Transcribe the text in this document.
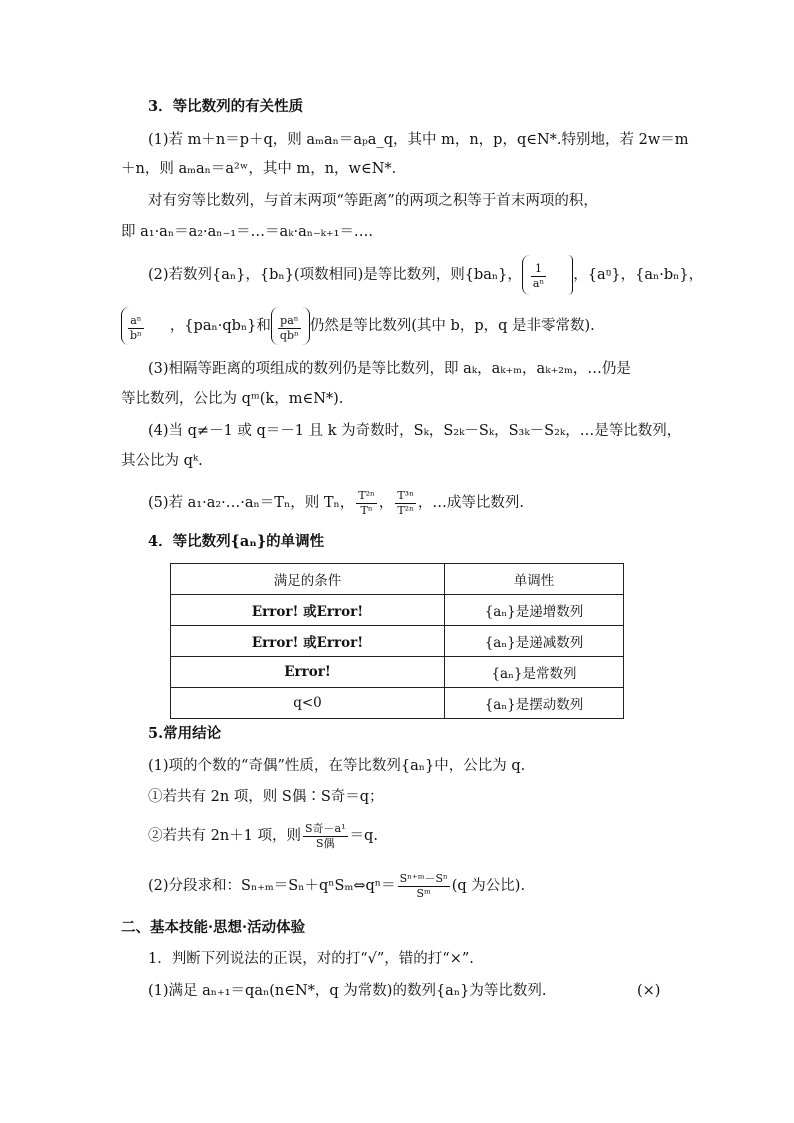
3．等比数列的有关性质
(1)若 m＋n＝p＋q，则 aₘaₙ＝aₚa_q，其中 m，n，p，q∈N*.特别地，若 2w＝m
＋n，则 aₘaₙ＝a²ʷ，其中 m，n，w∈N*.
对有穷等比数列，与首末两项“等距离”的两项之积等于首末两项的积，
即 a₁·aₙ＝a₂·aₙ₋₁＝…＝aₖ·aₙ₋ₖ₊₁＝….
(2)若数列{aₙ}，{bₙ}(项数相同)是等比数列，则{baₙ}， $\frac{1}{\text{aⁿ}}$ ，{aᵑ}，{aₙ·bₙ}，
$\frac{\text{aⁿ}}{\text{bⁿ}}$ ，{paₙ·qbₙ}和 $\frac{\text{paⁿ}}{\text{qbⁿ}}$ 仍然是等比数列(其中 b，p，q 是非零常数).
(3)相隔等距离的项组成的数列仍是等比数列，即 aₖ，aₖ₊ₘ，aₖ₊₂ₘ，…仍是
等比数列，公比为 qᵐ(k，m∈N*).
(4)当 q≠－1 或 q＝－1 且 k 为奇数时，Sₖ，S₂ₖ－Sₖ，S₃ₖ－S₂ₖ，…是等比数列，
其公比为 qᵏ.
(5)若 a₁·a₂·…·aₙ＝Tₙ，则 Tₙ， $\frac{\text{T²ⁿ}}{\text{Tⁿ}}$ ， $\frac{\text{T³ⁿ}}{\text{T²ⁿ}}$ ，…成等比数列.
4．等比数列{aₙ}的单调性
满足的条件	单调性
Error! 或Error!	{aₙ}是递增数列
Error! 或Error!	{aₙ}是递减数列
Error!	{aₙ}是常数列
q<0	{aₙ}是摆动数列
5.常用结论
(1)项的个数的“奇偶”性质，在等比数列{aₙ}中，公比为 q.
①若共有 2n 项，则 S偶∶S奇＝q；
②若共有 2n＋1 项，则 $\frac{\text{S奇－a¹}}{\text{S偶}} =q$.
(2)分段求和：Sₙ₊ₘ＝Sₙ＋qⁿSₘ⇔qⁿ＝ $\frac{\text{Sⁿ⁺ᵐ－Sⁿ}}{\text{Sᵐ}} (q$ 为公比).
二、基本技能·思想·活动体验
1．判断下列说法的正误，对的打“√”，错的打“×”.
(1)满足 aₙ₊₁＝qaₙ(n∈N*，q 为常数)的数列{aₙ}为等比数列.	(×)
